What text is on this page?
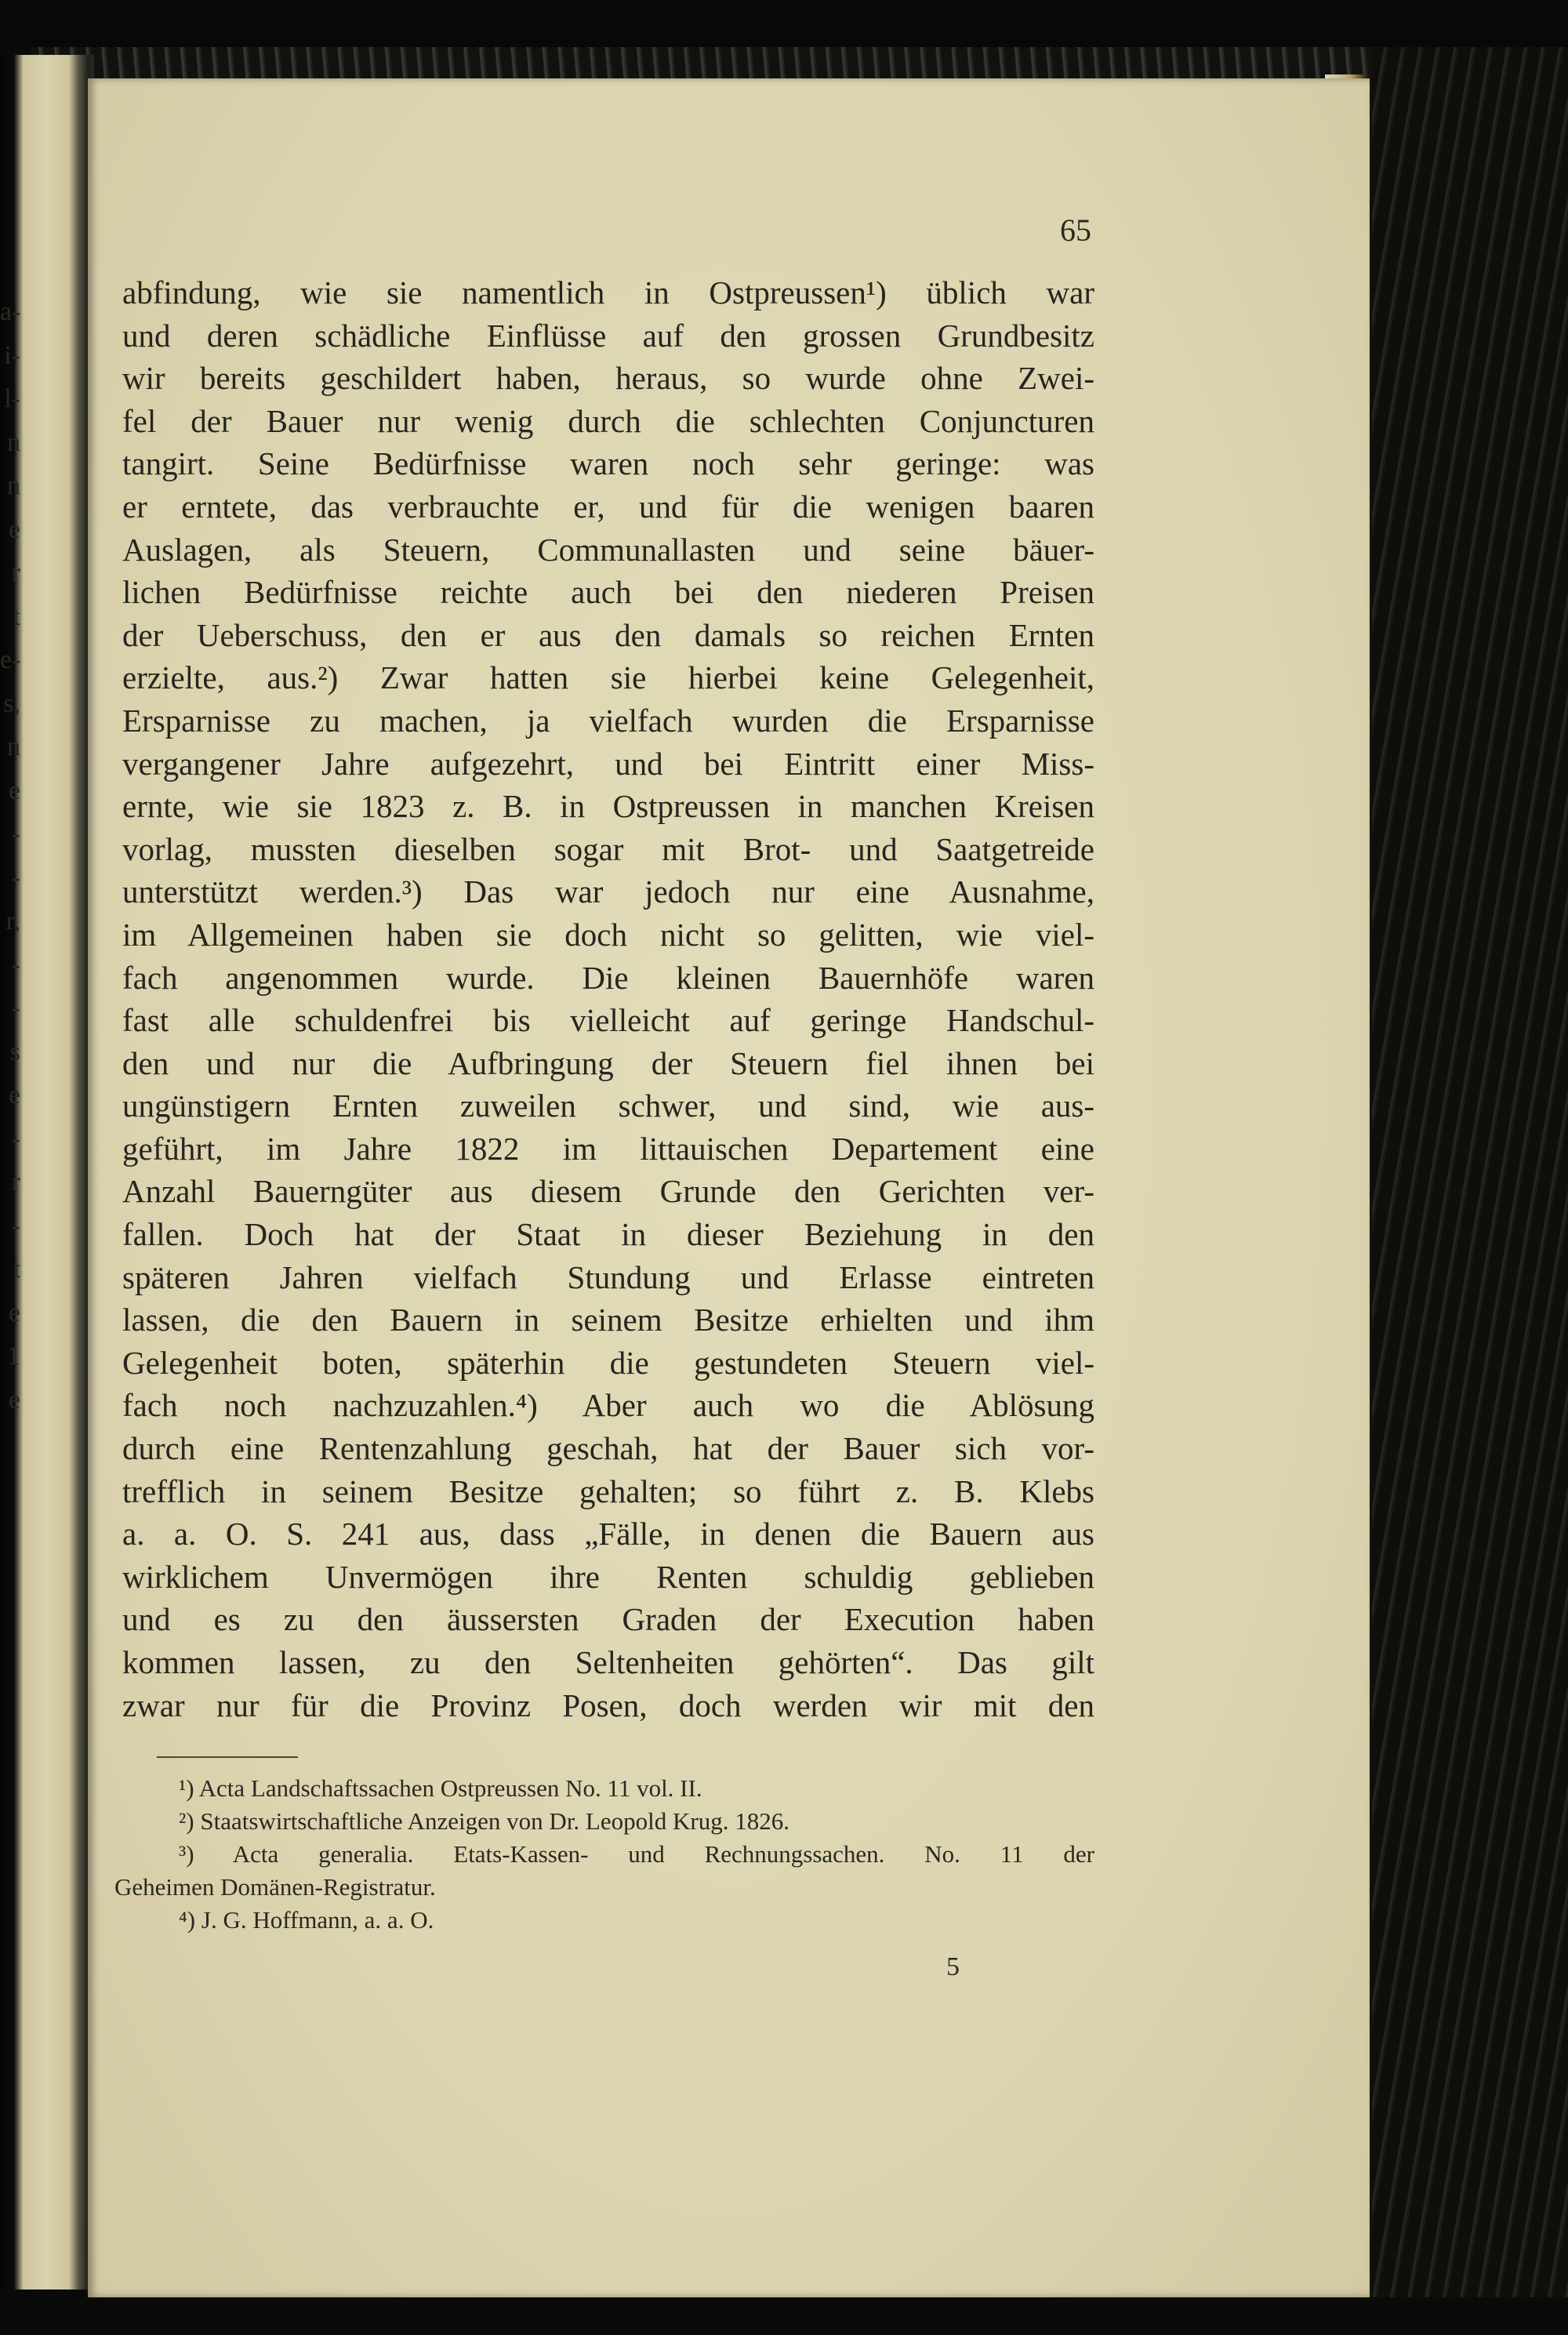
a-
i-
l-
n
n
e
r
t
e-
s,
n
e
-
-
r,
-
-
s
e
-
r
-
t
e
1
e
65
abfindung, wie sie namentlich in Ostpreussen¹) üblich war
und deren schädliche Einflüsse auf den grossen Grundbesitz
wir bereits geschildert haben, heraus, so wurde ohne Zwei-
fel der Bauer nur wenig durch die schlechten Conjuncturen
tangirt. Seine Bedürfnisse waren noch sehr geringe: was
er erntete, das verbrauchte er, und für die wenigen baaren
Auslagen, als Steuern, Communallasten und seine bäuer-
lichen Bedürfnisse reichte auch bei den niederen Preisen
der Ueberschuss, den er aus den damals so reichen Ernten
erzielte, aus.²) Zwar hatten sie hierbei keine Gelegenheit,
Ersparnisse zu machen, ja vielfach wurden die Ersparnisse
vergangener Jahre aufgezehrt, und bei Eintritt einer Miss-
ernte, wie sie 1823 z. B. in Ostpreussen in manchen Kreisen
vorlag, mussten dieselben sogar mit Brot- und Saatgetreide
unterstützt werden.³) Das war jedoch nur eine Ausnahme,
im Allgemeinen haben sie doch nicht so gelitten, wie viel-
fach angenommen wurde. Die kleinen Bauernhöfe waren
fast alle schuldenfrei bis vielleicht auf geringe Handschul-
den und nur die Aufbringung der Steuern fiel ihnen bei
ungünstigern Ernten zuweilen schwer, und sind, wie aus-
geführt, im Jahre 1822 im littauischen Departement eine
Anzahl Bauerngüter aus diesem Grunde den Gerichten ver-
fallen. Doch hat der Staat in dieser Beziehung in den
späteren Jahren vielfach Stundung und Erlasse eintreten
lassen, die den Bauern in seinem Besitze erhielten und ihm
Gelegenheit boten, späterhin die gestundeten Steuern viel-
fach noch nachzuzahlen.⁴) Aber auch wo die Ablösung
durch eine Rentenzahlung geschah, hat der Bauer sich vor-
trefflich in seinem Besitze gehalten; so führt z. B. Klebs
a. a. O. S. 241 aus, dass „Fälle, in denen die Bauern aus
wirklichem Unvermögen ihre Renten schuldig geblieben
und es zu den äussersten Graden der Execution haben
kommen lassen, zu den Seltenheiten gehörten“. Das gilt
zwar nur für die Provinz Posen, doch werden wir mit den
¹) Acta Landschaftssachen Ostpreussen No. 11 vol. II.
²) Staatswirtschaftliche Anzeigen von Dr. Leopold Krug. 1826.
³) Acta generalia. Etats-Kassen- und Rechnungssachen. No. 11 der
Geheimen Domänen-Registratur.
⁴) J. G. Hoffmann, a. a. O.
5
